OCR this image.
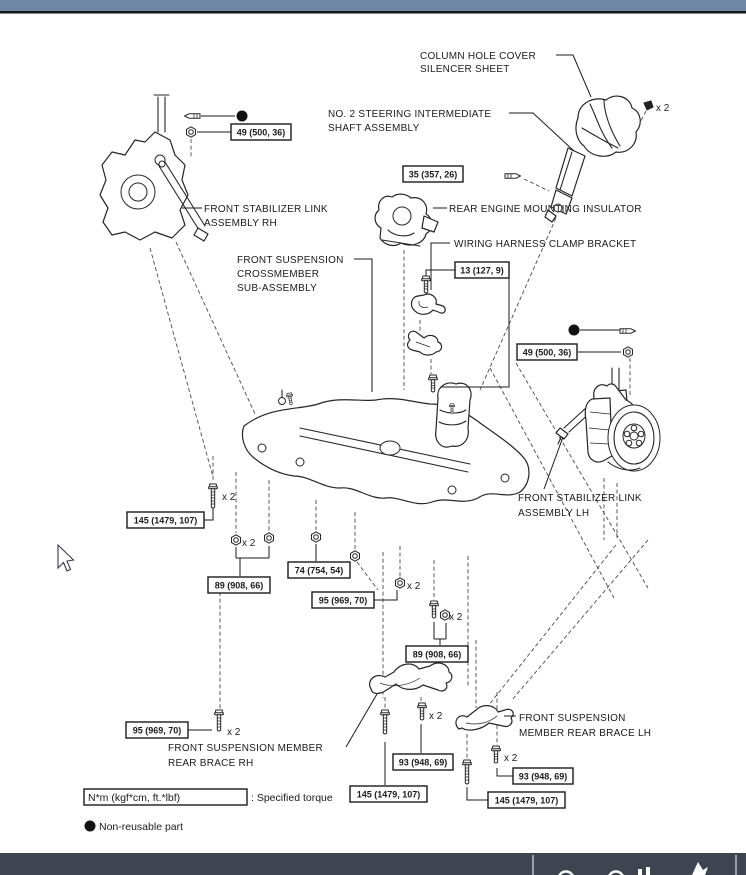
COLUMN HOLE COVER
SILENCER SHEET
NO. 2 STEERING INTERMEDIATE
SHAFT ASSEMBLY
FRONT STABILIZER LINK
ASSEMBLY RH
REAR ENGINE MOUNTING INSULATOR
WIRING HARNESS CLAMP BRACKET
FRONT SUSPENSION
CROSSMEMBER
SUB-ASSEMBLY
FRONT STABILIZER LINK
ASSEMBLY LH
FRONT SUSPENSION MEMBER
REAR BRACE RH
FRONT SUSPENSION
MEMBER REAR BRACE LH
49 (500, 36)
35 (357, 26)
13 (127, 9)
49 (500, 36)
145 (1479, 107)
89 (908, 66)
74 (754, 54)
95 (969, 70)
89 (908, 66)
95 (969, 70)
93 (948, 69)
145 (1479, 107)
93 (948, 69)
145 (1479, 107)
x 2
x 2
x 2
x 2
x 2
x 2
x 2
x 2
N*m (kgf*cm, ft.*lbf)	: Specified torque
Non-reusable part
